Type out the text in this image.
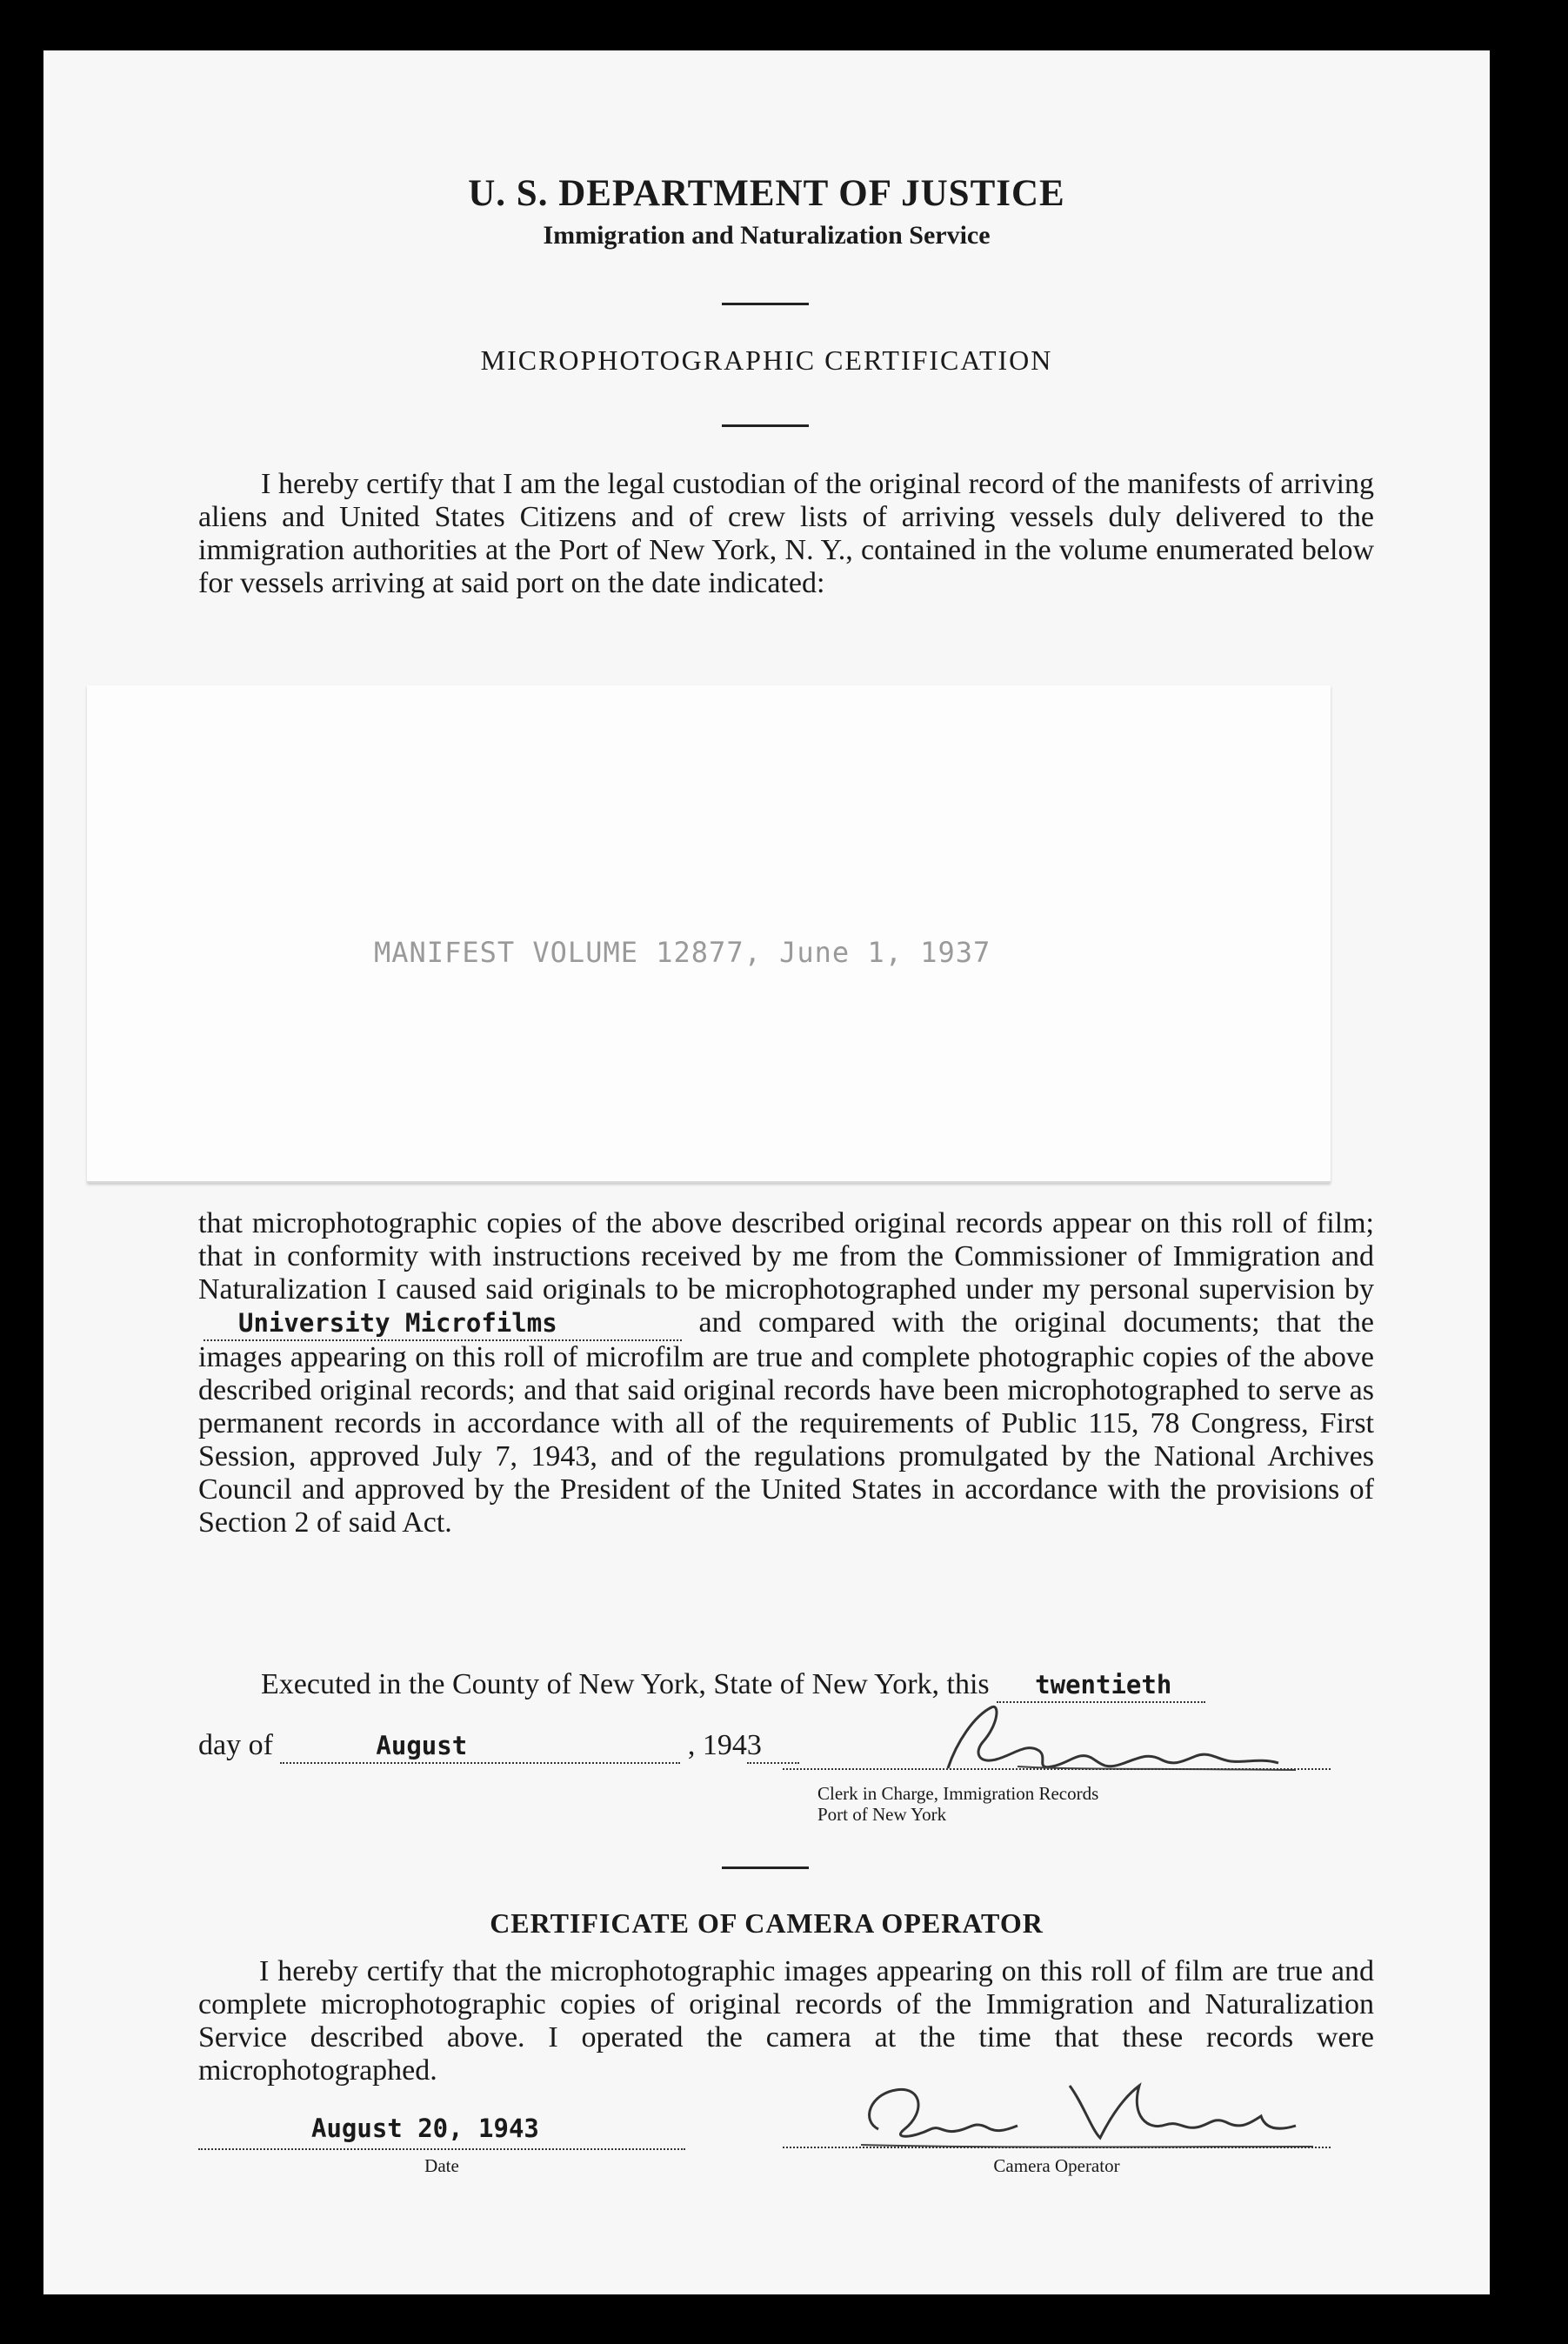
U. S. DEPARTMENT OF JUSTICE
Immigration and Naturalization Service
MICROPHOTOGRAPHIC CERTIFICATION
I hereby certify that I am the legal custodian of the original record of the manifests of arriving aliens and United States Citizens and of crew lists of arriving vessels duly delivered to the immigration authorities at the Port of New York, N. Y., contained in the volume enumerated below for vessels arriving at said port on the date indicated:
MANIFEST VOLUME 12877, June 1, 1937
that microphotographic copies of the above described original records appear on this roll of film; that in conformity with instructions received by me from the Commissioner of Immigration and Naturalization I caused said originals to be microphotographed under my personal supervision by University Microfilms	and compared with the original documents; that the images appearing on this roll of microfilm are true and complete photographic copies of the above described original records; and that said original records have been microphotographed to serve as permanent records in accordance with all of the requirements of Public 115, 78 Congress, First Session, approved July 7, 1943, and of the regulations promulgated by the National Archives Council and approved by the President of the United States in accordance with the provisions of Section 2 of said Act.
Executed in the County of New York, State of New York, this twentieth
day of	August	, 1943
Clerk in Charge, Immigration Records
Port of New York
CERTIFICATE OF CAMERA OPERATOR
I hereby certify that the microphotographic images appearing on this roll of film are true and complete microphotographic copies of original records of the Immigration and Naturalization Service described above. I operated the camera at the time that these records were microphotographed.
August 20, 1943
Date	Camera Operator
